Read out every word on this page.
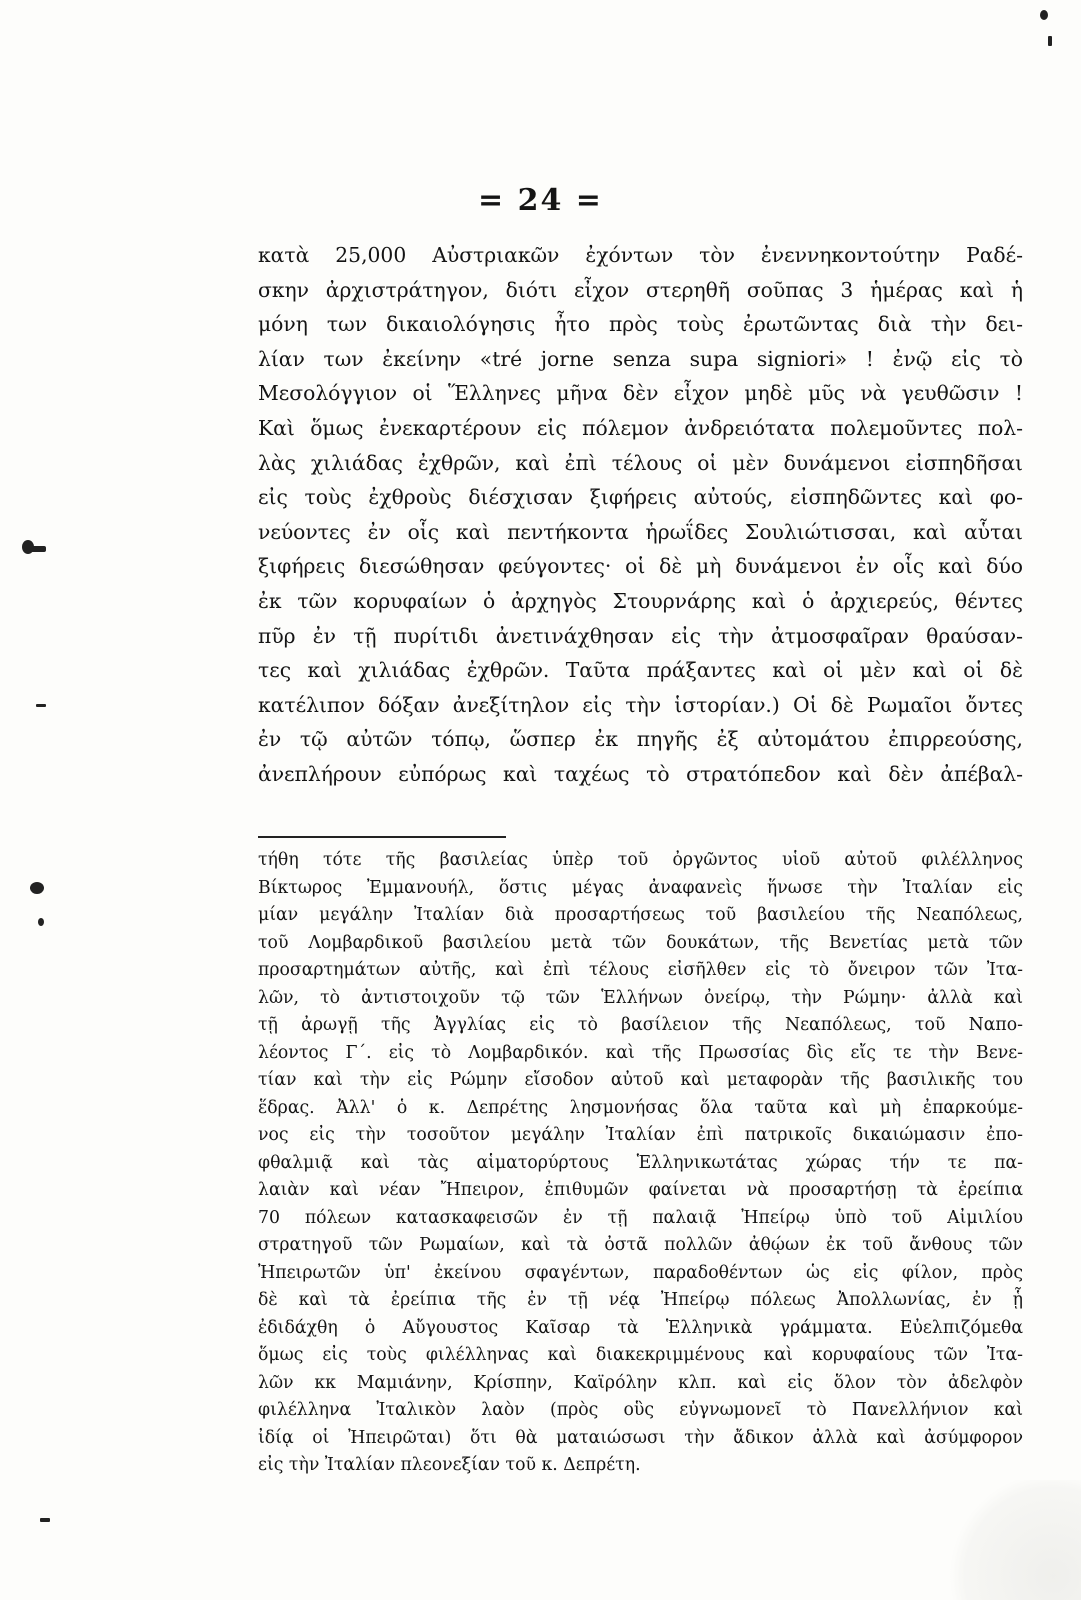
= 24 =
κατὰ 25,000 Αὐστριακῶν ἐχόντων τὸν ἐνεννηκοντούτην Ραδέ-
σκην ἀρχιστράτηγον, διότι εἶχον στερηθῆ σοῦπας 3 ἡμέρας καὶ ἡ
μόνη των δικαιολόγησις ἦτο πρὸς τοὺς ἐρωτῶντας διὰ τὴν δει-
λίαν των ἐκείνην «tré jorne senza supa signiori» ! ἐνῷ εἰς τὸ
Μεσολόγγιον οἱ Ἕλληνες μῆνα δὲν εἶχον μηδὲ μῦς νὰ γευθῶσιν !
Καὶ ὅμως ἐνεκαρτέρουν εἰς πόλεμον ἀνδρειότατα πολεμοῦντες πολ-
λὰς χιλιάδας ἐχθρῶν, καὶ ἐπὶ τέλους οἱ μὲν δυνάμενοι εἰσπηδῆσαι
εἰς τοὺς ἐχθροὺς διέσχισαν ξιφήρεις αὐτούς, εἰσπηδῶντες καὶ φο-
νεύοντες ἐν οἷς καὶ πεντήκοντα ἡρωΐδες Σουλιώτισσαι, καὶ αὗται
ξιφήρεις διεσώθησαν φεύγοντες· οἱ δὲ μὴ δυνάμενοι ἐν οἷς καὶ δύο
ἐκ τῶν κορυφαίων ὁ ἀρχηγὸς Στουρνάρης καὶ ὁ ἀρχιερεύς, θέντες
πῦρ ἐν τῇ πυρίτιδι ἀνετινάχθησαν εἰς τὴν ἀτμοσφαῖραν θραύσαν-
τες καὶ χιλιάδας ἐχθρῶν. Ταῦτα πράξαντες καὶ οἱ μὲν καὶ οἱ δὲ
κατέλιπον δόξαν ἀνεξίτηλον εἰς τὴν ἱστορίαν.) Οἱ δὲ Ρωμαῖοι ὄντες
ἐν τῷ αὐτῶν τόπῳ, ὥσπερ ἐκ πηγῆς ἐξ αὐτομάτου ἐπιρρεούσης,
ἀνεπλήρουν εὐπόρως καὶ ταχέως τὸ στρατόπεδον καὶ δὲν ἀπέβαλ-
τήθη τότε τῆς βασιλείας ὑπὲρ τοῦ ὀργῶντος υἱοῦ αὐτοῦ φιλέλληνος
Βίκτωρος Ἐμμανουήλ, ὅστις μέγας ἀναφανεὶς ἥνωσε τὴν Ἰταλίαν εἰς
μίαν μεγάλην Ἰταλίαν διὰ προσαρτήσεως τοῦ βασιλείου τῆς Νεαπόλεως,
τοῦ Λομβαρδικοῦ βασιλείου μετὰ τῶν δουκάτων, τῆς Βενετίας μετὰ τῶν
προσαρτημάτων αὐτῆς, καὶ ἐπὶ τέλους εἰσῆλθεν εἰς τὸ ὄνειρον τῶν Ἰτα-
λῶν, τὸ ἀντιστοιχοῦν τῷ τῶν Ἑλλήνων ὀνείρῳ, τὴν Ρώμην· ἀλλὰ καὶ
τῇ ἀρωγῇ τῆς Ἀγγλίας εἰς τὸ βασίλειον τῆς Νεαπόλεως, τοῦ Ναπο-
λέοντος Γ΄. εἰς τὸ Λομβαρδικόν. καὶ τῆς Πρωσσίας δὶς εἴς τε τὴν Βενε-
τίαν καὶ τὴν εἰς Ρώμην εἴσοδον αὐτοῦ καὶ μεταφορὰν τῆς βασιλικῆς του
ἕδρας. Ἀλλ' ὁ κ. Δεπρέτης λησμονήσας ὅλα ταῦτα καὶ μὴ ἐπαρκούμε-
νος εἰς τὴν τοσοῦτον μεγάλην Ἰταλίαν ἐπὶ πατρικοῖς δικαιώμασιν ἐπο-
φθαλμιᾷ καὶ τὰς αἱματορύρτους Ἑλληνικωτάτας χώρας τήν τε πα-
λαιὰν καὶ νέαν Ἤπειρον, ἐπιθυμῶν φαίνεται νὰ προσαρτήσῃ τὰ ἐρείπια
70 πόλεων κατασκαφεισῶν ἐν τῇ παλαιᾷ Ἠπείρῳ ὑπὸ τοῦ Αἰμιλίου
στρατηγοῦ τῶν Ρωμαίων, καὶ τὰ ὀστᾶ πολλῶν ἀθῴων ἐκ τοῦ ἄνθους τῶν
Ἠπειρωτῶν ὑπ' ἐκείνου σφαγέντων, παραδοθέντων ὡς εἰς φίλον, πρὸς
δὲ καὶ τὰ ἐρείπια τῆς ἐν τῇ νέᾳ Ἠπείρῳ πόλεως Ἀπολλωνίας, ἐν ᾗ
ἐδιδάχθη ὁ Αὔγουστος Καῖσαρ τὰ Ἑλληνικὰ γράμματα. Εὐελπιζόμεθα
ὅμως εἰς τοὺς φιλέλληνας καὶ διακεκριμμένους καὶ κορυφαίους τῶν Ἰτα-
λῶν κκ Μαμιάνην, Κρίσπην, Καϊρόλην κλπ. καὶ εἰς ὅλον τὸν ἀδελφὸν
φιλέλληνα Ἰταλικὸν λαὸν (πρὸς οὓς εὐγνωμονεῖ τὸ Πανελλήνιον καὶ
ἰδίᾳ οἱ Ἠπειρῶται) ὅτι θὰ ματαιώσωσι τὴν ἄδικον ἀλλὰ καὶ ἀσύμφορον
εἰς τὴν Ἰταλίαν πλεονεξίαν τοῦ κ. Δεπρέτη.
